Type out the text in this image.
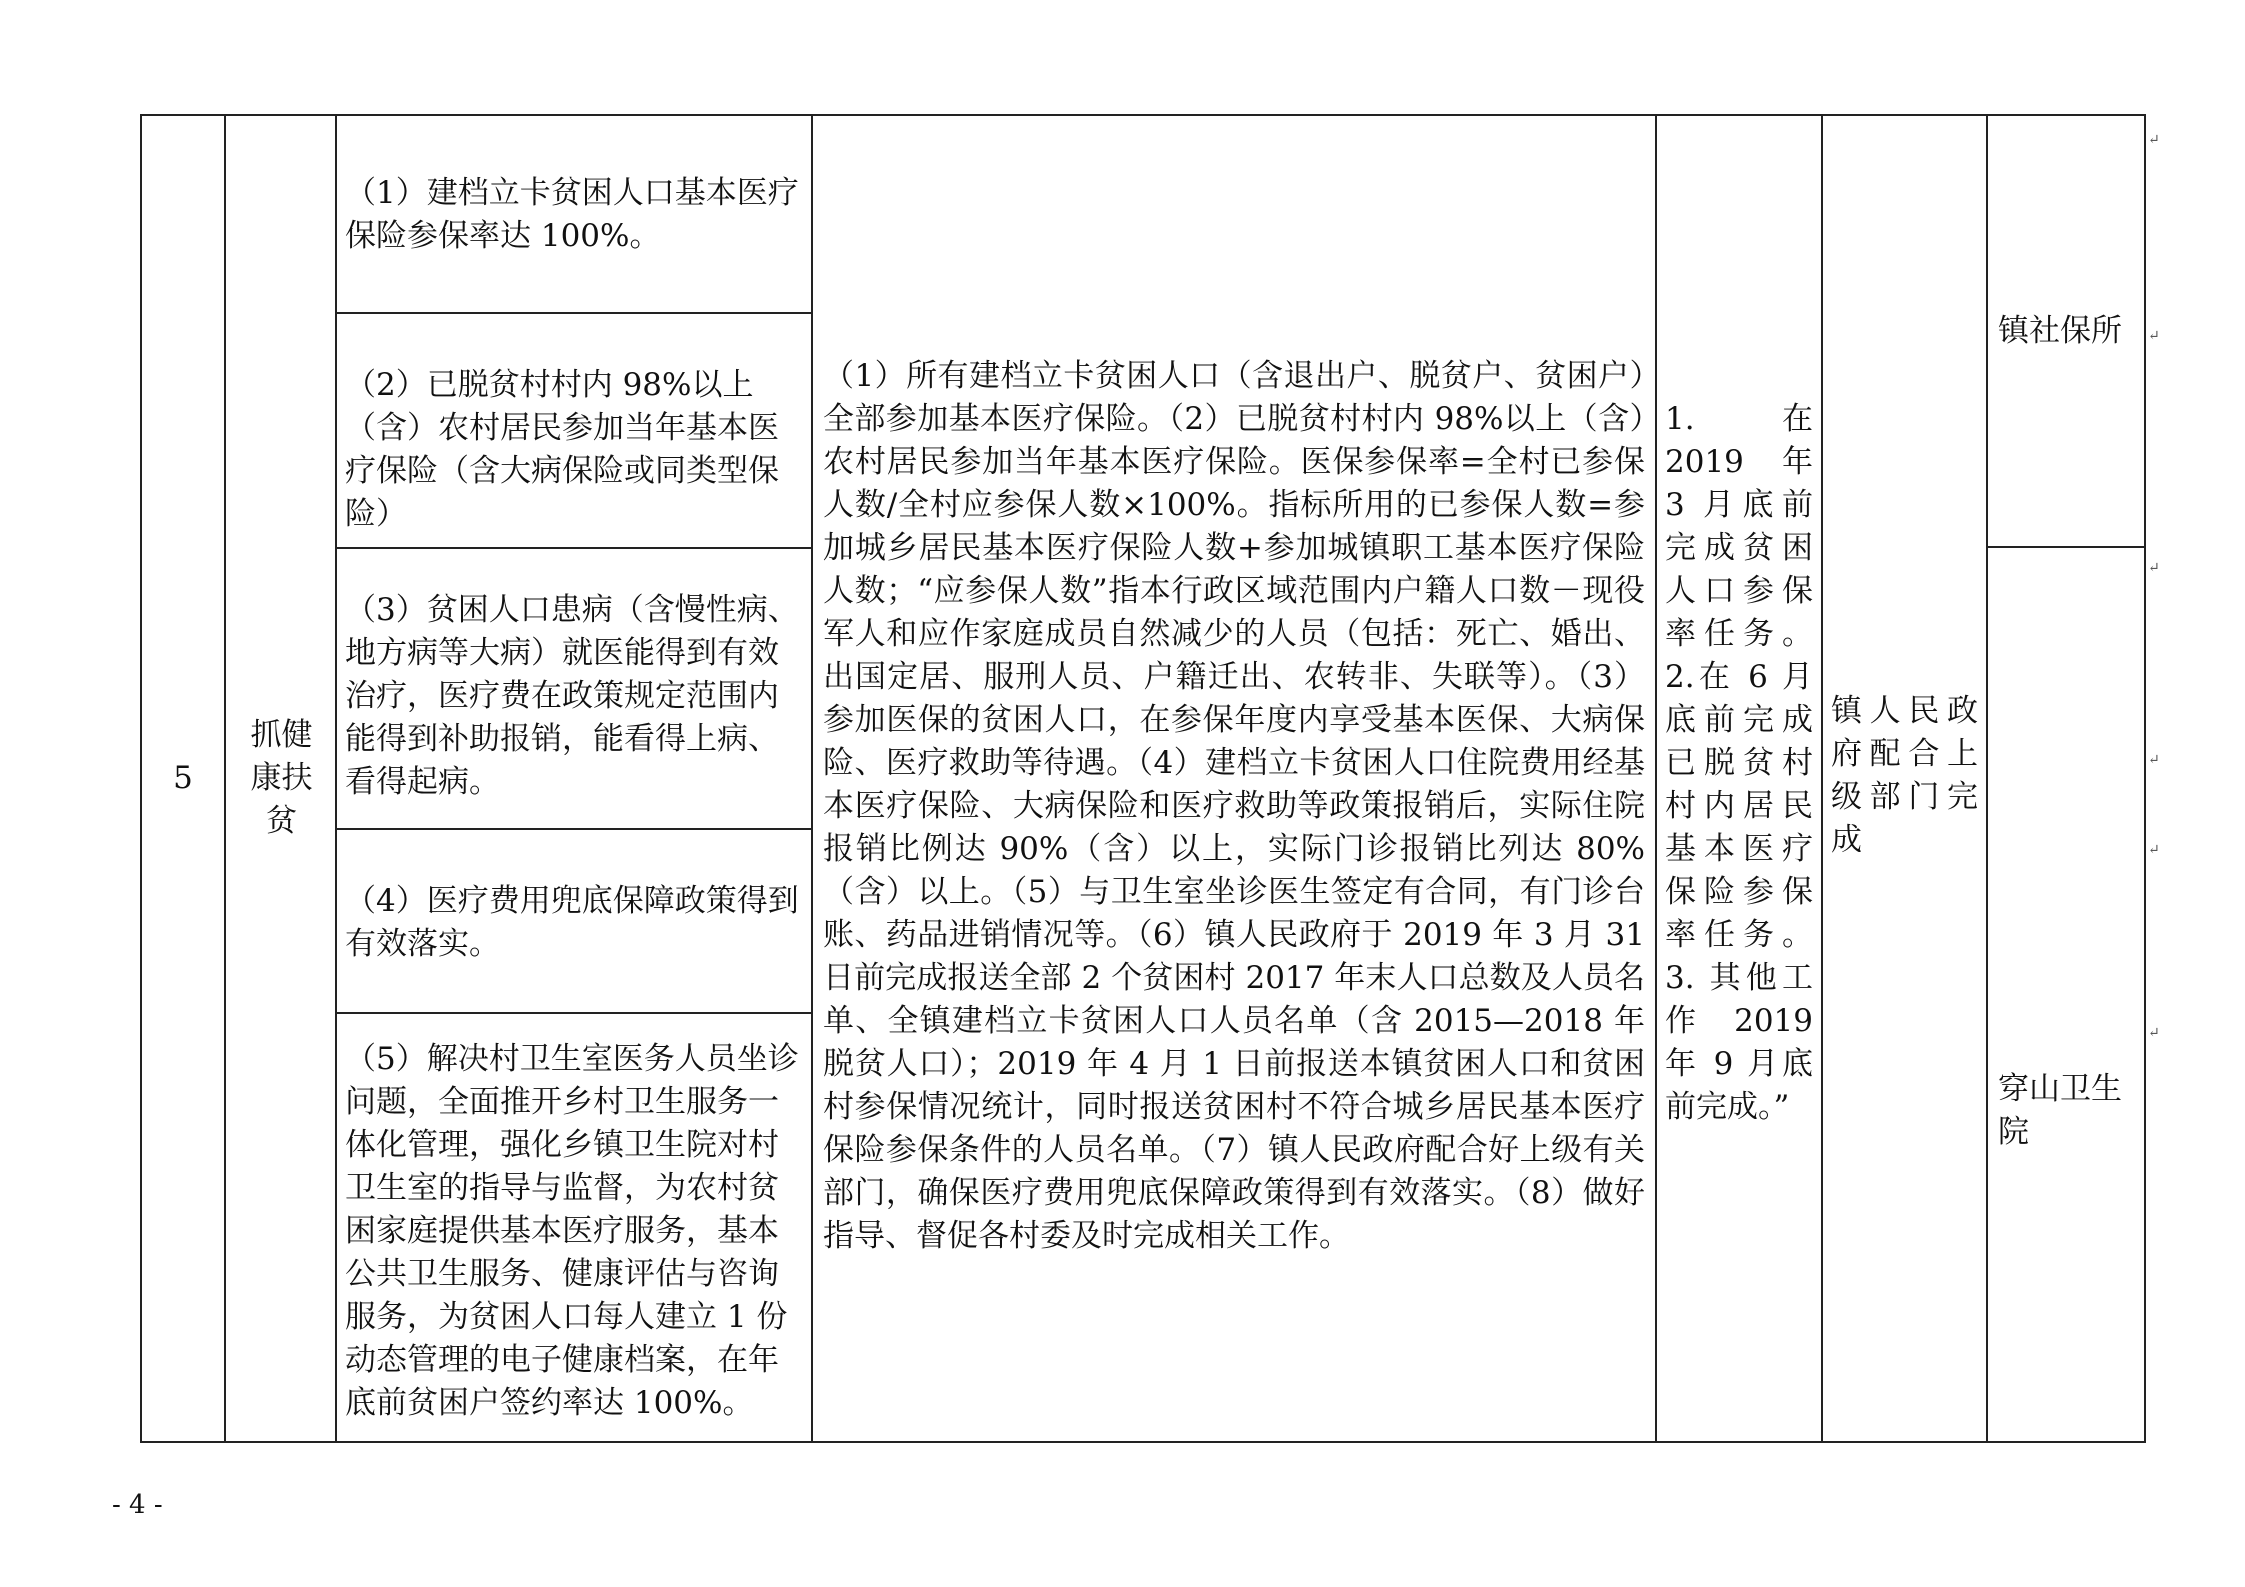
5
抓健康扶贫
（1）建档立卡贫困人口基本医疗保险参保率达 100%。
（2）已脱贫村村内 98%以上（含）农村居民参加当年基本医疗保险（含大病保险或同类型保险）
（3）贫困人口患病（含慢性病、地方病等大病）就医能得到有效治疗，医疗费在政策规定范围内能得到补助报销，能看得上病、看得起病。
（4）医疗费用兜底保障政策得到有效落实。
（5）解决村卫生室医务人员坐诊问题，全面推开乡村卫生服务一体化管理，强化乡镇卫生院对村卫生室的指导与监督，为农村贫困家庭提供基本医疗服务，基本公共卫生服务、健康评估与咨询服务，为贫困人口每人建立 1 份动态管理的电子健康档案，在年底前贫困户签约率达 100%。
（1）所有建档立卡贫困人口（含退出户、脱贫户、贫困户）全部参加基本医疗保险。（2）已脱贫村村内 98%以上（含）农村居民参加当年基本医疗保险。医保参保率=全村已参保人数/全村应参保人数×100%。指标所用的已参保人数=参加城乡居民基本医疗保险人数+参加城镇职工基本医疗保险人数；“应参保人数”指本行政区域范围内户籍人口数－现役军人和应作家庭成员自然减少的人员（包括：死亡、婚出、出国定居、服刑人员、户籍迁出、农转非、失联等）。（3）参加医保的贫困人口，在参保年度内享受基本医保、大病保险、医疗救助等待遇。（4）建档立卡贫困人口住院费用经基本医疗保险、大病保险和医疗救助等政策报销后，实际住院报销比例达 90%（含）以上，实际门诊报销比列达 80%（含）以上。（5）与卫生室坐诊医生签定有合同，有门诊台账、药品进销情况等。（6）镇人民政府于 2019 年 3 月 31 日前完成报送全部 2 个贫困村 2017 年末人口总数及人员名单、全镇建档立卡贫困人口人员名单（含 2015—2018 年脱贫人口）；2019 年 4 月 1 日前报送本镇贫困人口和贫困村参保情况统计，同时报送贫困村不符合城乡居民基本医疗保险参保条件的人员名单。（7）镇人民政府配合好上级有关部门，确保医疗费用兜底保障政策得到有效落实。（8）做好指导、督促各村委及时完成相关工作。
1. 在 2019 年 3 月底前完成贫困人口参保率任务。2.在 6 月底前完成已脱贫村村内居民基本医疗保险参保率任务。3. 其他工作 2019 年 9 月底前完成。”
镇人民政府配合上级部门完成
镇社保所
穿山卫生院
↵
↵
↵
↵
↵
↵
- 4 -
